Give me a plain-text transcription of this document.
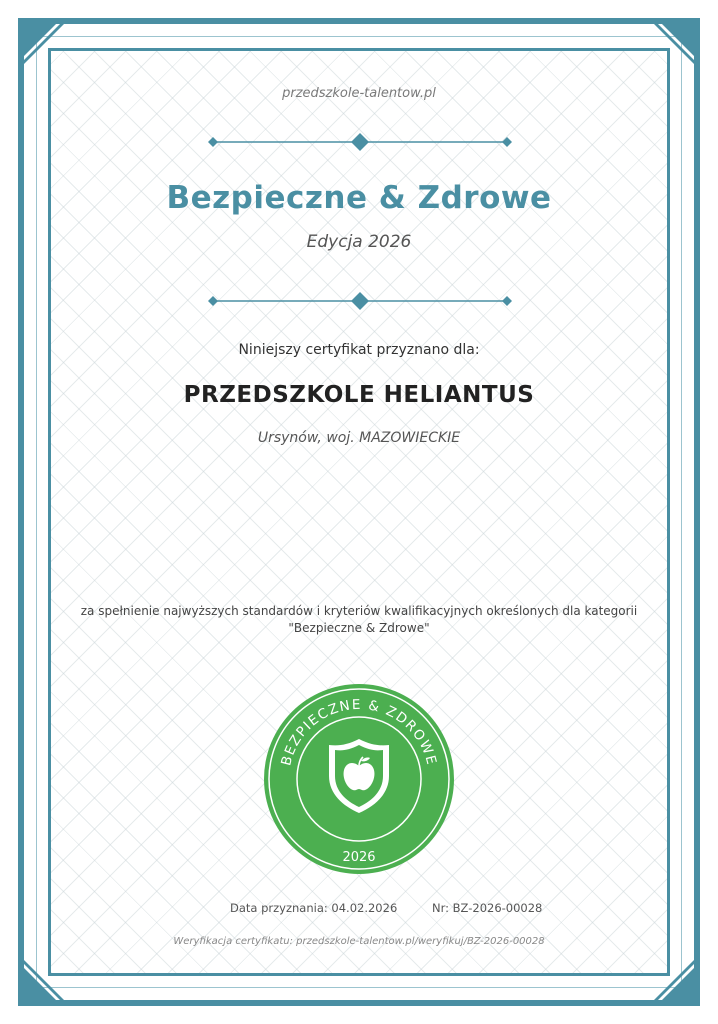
przedszkole-talentow.pl
Bezpieczne & Zdrowe
Edycja 2026
Niniejszy certyfikat przyznano dla:
PRZEDSZKOLE HELIANTUS
Ursynów, woj. MAZOWIECKIE
za spełnienie najwyższych standardów i kryteriów kwalifikacyjnych określonych dla kategorii
"Bezpieczne & Zdrowe"
BEZPIECZNE & ZDROWE
2026
Data przyznania: 04.02.2026	Nr: BZ-2026-00028
Weryfikacja certyfikatu: przedszkole-talentow.pl/weryfikuj/BZ-2026-00028
